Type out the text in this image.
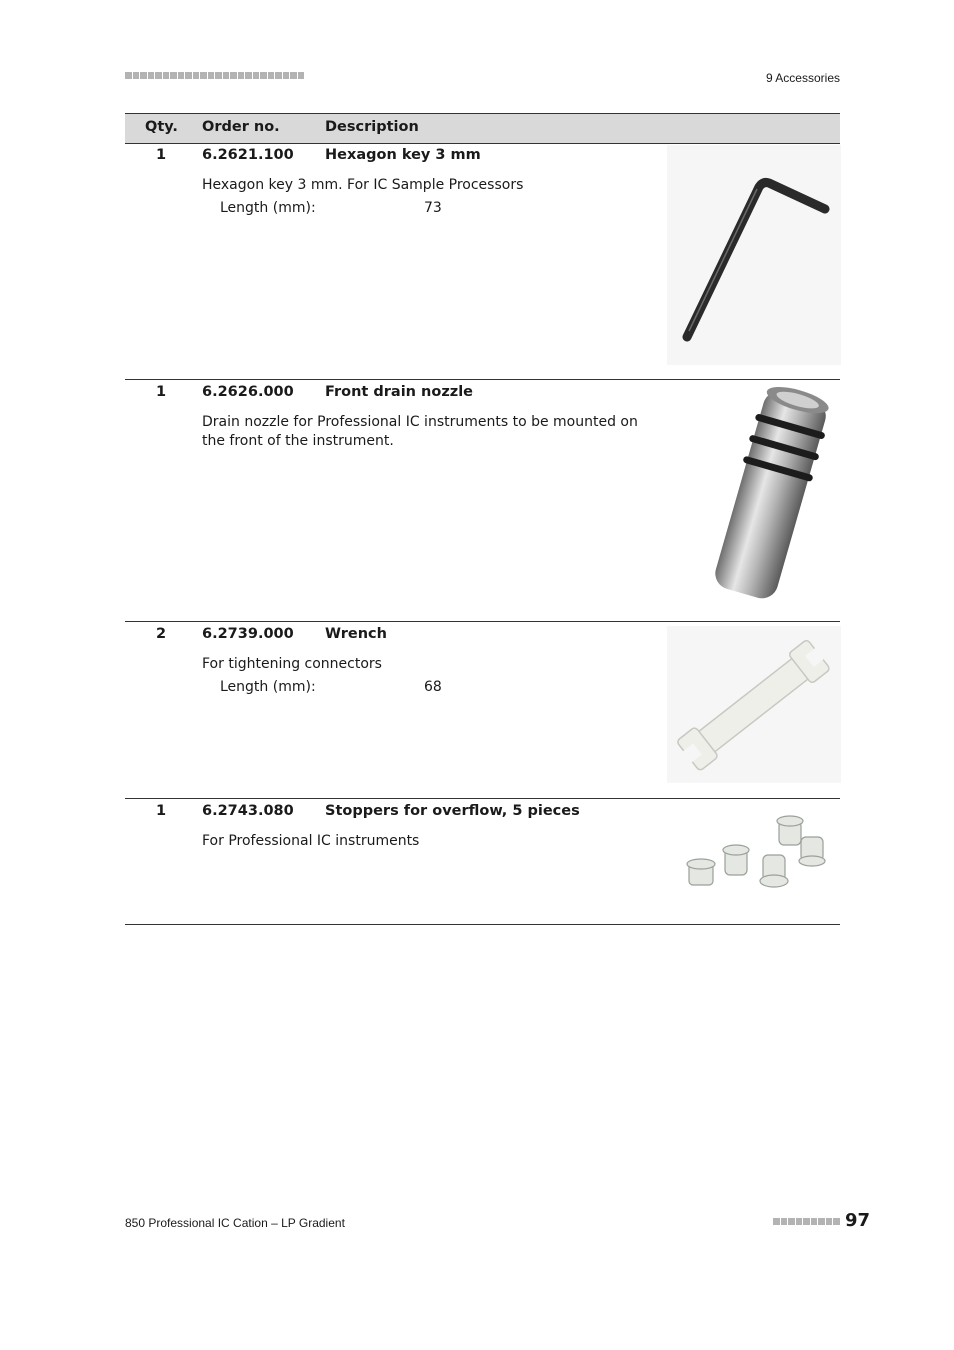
9 Accessories
Qty. Order no.	Description
1 6.2621.100 Hexagon key 3 mm
Hexagon key 3 mm. For IC Sample Processors
Length (mm):	73
1 6.2626.000 Front drain nozzle
Drain nozzle for Professional IC instruments to be mounted on the front of the instrument.
2 6.2739.000 Wrench
For tightening connectors
Length (mm):	68
1 6.2743.080 Stoppers for overflow, 5 pieces
For Professional IC instruments
850 Professional IC Cation – LP Gradient	97
